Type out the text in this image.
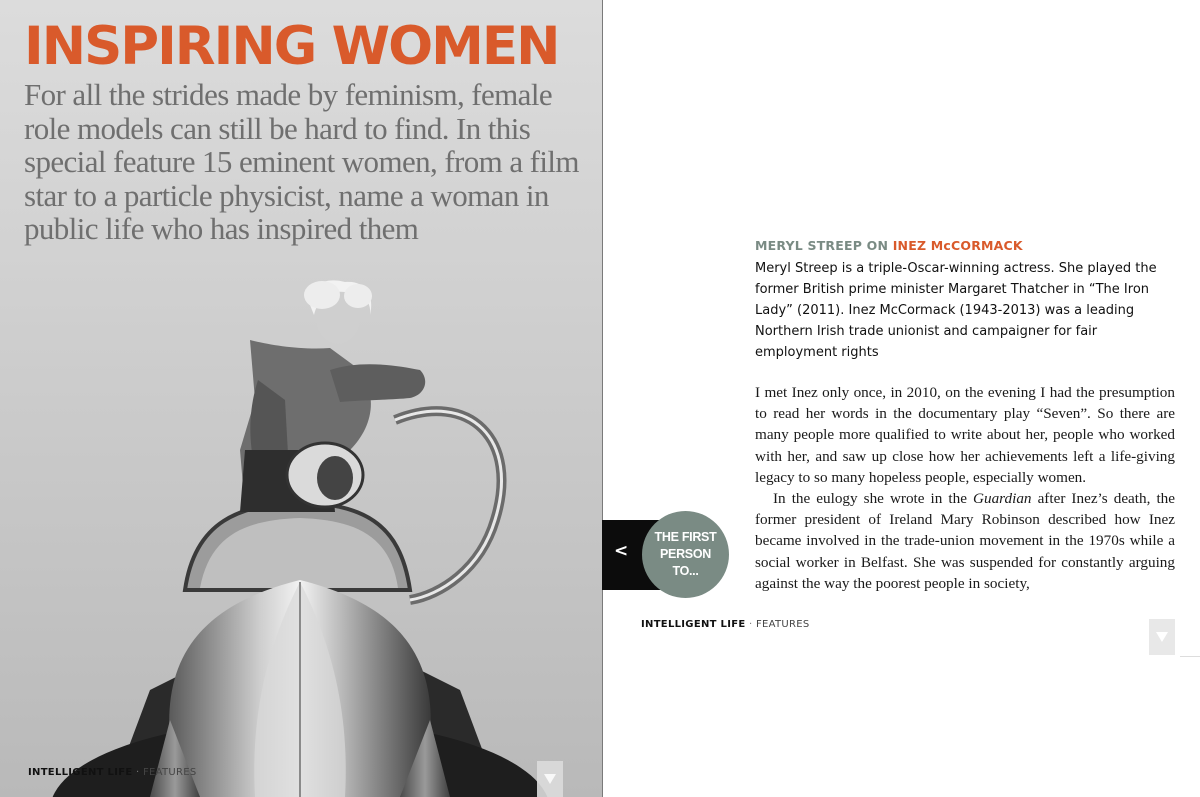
INSPIRING WOMEN

For all the strides made by feminism, female role models can still be hard to find. In this special feature 15 eminent women, from a film star to a particle physicist, name a woman in public life who has inspired them

INTELLIGENT LIFE · FEATURES
<
THE FIRST
PERSON TO...

MERYL STREEP ON INEZ McCORMACK

Meryl Streep is a triple-Oscar-winning actress. She played the former British prime minister Margaret Thatcher in “The Iron Lady” (2011). Inez McCormack (1943-2013) was a leading Northern Irish trade unionist and campaigner for fair employment rights

I met Inez only once, in 2010, on the evening I had the presumption to read her words in the documentary play “Seven”. So there are many people more qualified to write about her, people who worked with her, and saw up close how her achievements left a life-giving legacy to so many hopeless people, especially women.

In the eulogy she wrote in the Guardian after Inez’s death, the former president of Ireland Mary Robinson described how Inez became involved in the trade-union movement in the 1970s while a social worker in Belfast. She was suspended for constantly arguing against the way the poorest people in society,

INTELLIGENT LIFE · FEATURES
